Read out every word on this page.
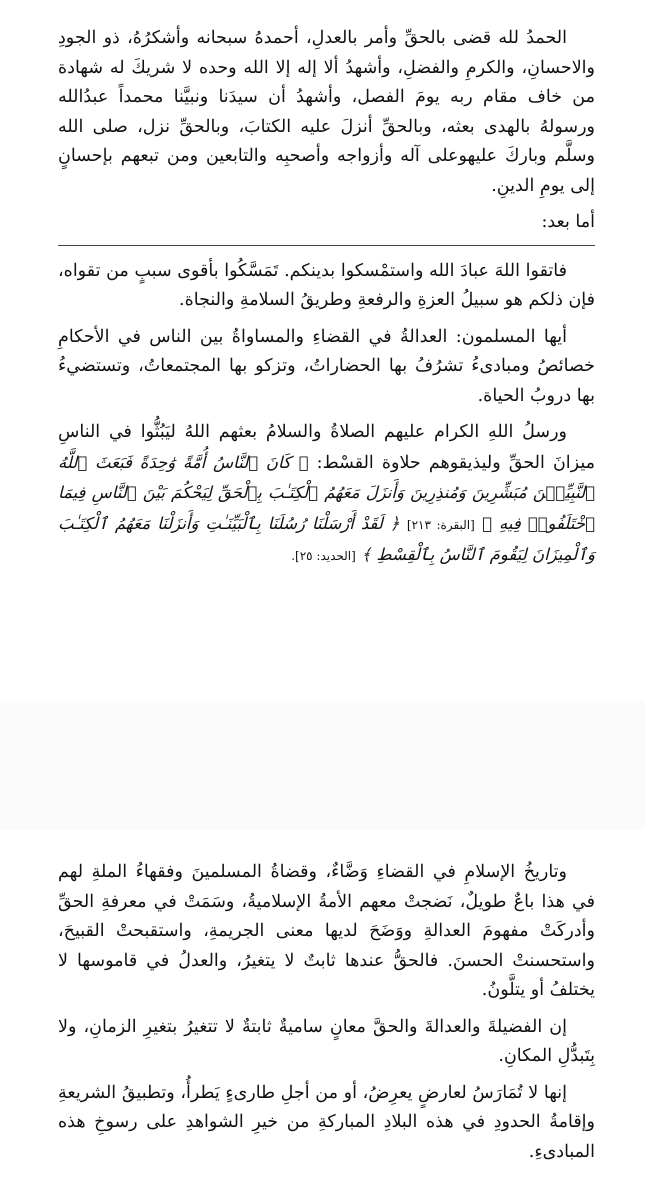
الحمدُ لله قضى بالحقِّ وأمر بالعدلِ، أحمدهُ سبحانه وأشكرُهُ، ذو الجودِ والاحسانِ، والكرمِ والفضلِ، وأشهدُ ألا إله إلا الله وحده لا شريكَ له شهادة من خاف مقام ربه يومَ الفصل، وأشهدُ أن سيدَنا ونبيَّنا محمداً عبدُالله ورسولهُ بالهدى بعثه، وبالحقِّ أنزلَ عليه الكتابَ، وبالحقِّ نزل، صلى الله وسلَّم وباركَ عليهوعلى آله وأزواجه وأصحبِه والتابعين ومن تبعهم بإحسانٍ إلى يومِ الدينِ.

أما بعد:

فاتقوا اللهَ عبادَ الله واستمْسكوا بدينكم. تَمَسَّكُوا بأقوى سببٍ من تقواه، فإن ذلكم هو سبيلُ العزةِ والرفعةِ وطريقُ السلامةِ والنجاة.

أيها المسلمون: العدالةُ في القضاءِ والمساواةُ بين الناس في الأحكامِ خصائصُ ومبادىءُ تشرُفُ بها الحضاراتُ، وتزكو بها المجتمعاتُ، وتستضيءُ بها دروبُ الحياة.

ورسلُ اللهِ الكرام عليهم الصلاةُ والسلامُ بعثهم اللهُ ليَبُثُّوا في الناسِ ميزانَ الحقِّ وليذيقوهم حلاوة القسْط: ﴿ كَانَ ٱلنَّاسُ أُمَّةً وَٰحِدَةً فَبَعَثَ ٱللَّهُ ٱلنَّبِيِّـۧنَ مُبَشِّرِينَ وَمُنذِرِينَ وَأَنزَلَ مَعَهُمُ ٱلْكِتَـٰبَ بِٱلْحَقِّ لِيَحْكُمَ بَيْنَ ٱلنَّاسِ فِيمَا ٱخْتَلَفُوا۟ فِيهِ ﴾ [البقرة: ٢١٣] ﴿ لَقَدْ أَرْسَلْنَا رُسُلَنَا بِٱلْبَيِّنَـٰتِ وَأَنزَلْنَا مَعَهُمُ ٱلْكِتَـٰبَ وَٱلْمِيزَانَ لِيَقُومَ ٱلنَّاسُ بِٱلْقِسْطِ ﴾ [الحديد: ٢٥].

وتاريخُ الإسلامِ في القضاءِ وَضَّاءٌ، وقضاةُ المسلمينَ وفقهاءُ الملةِ لهم في هذا باعٌ طويلٌ، نَضجتْ معهم الأمةُ الإسلاميةُ، وسَمَتْ في معرفةِ الحقِّ وأدركَتْ مفهومَ العدالةِ ووَضَحَ لديها معنى الجريمةِ، واستقبحتْ القبيحَ، واستحسنتْ الحسنَ. فالحقُّ عندها ثابتٌ لا يتغيرُ، والعدلُ في قاموسها لا يختلفُ أو يتلَّونُ.

إن الفضيلةَ والعدالةَ والحقَّ معانٍ ساميةٌ ثابتةٌ لا تتغيرُ بتغيرِ الزمانِ، ولا بِتَبدُّلِ المكانِ.

إنها لا تُمَارَسُ لعارضٍ يعرِضُ، أو من أجلِ طارىءٍ يَطرأُ، وتطبيقُ الشريعةِ وإقامةُ الحدودِ في هذه البلادِ المباركةِ من خيرِ الشواهدِ على رسوخِ هذه المبادىءِ.
